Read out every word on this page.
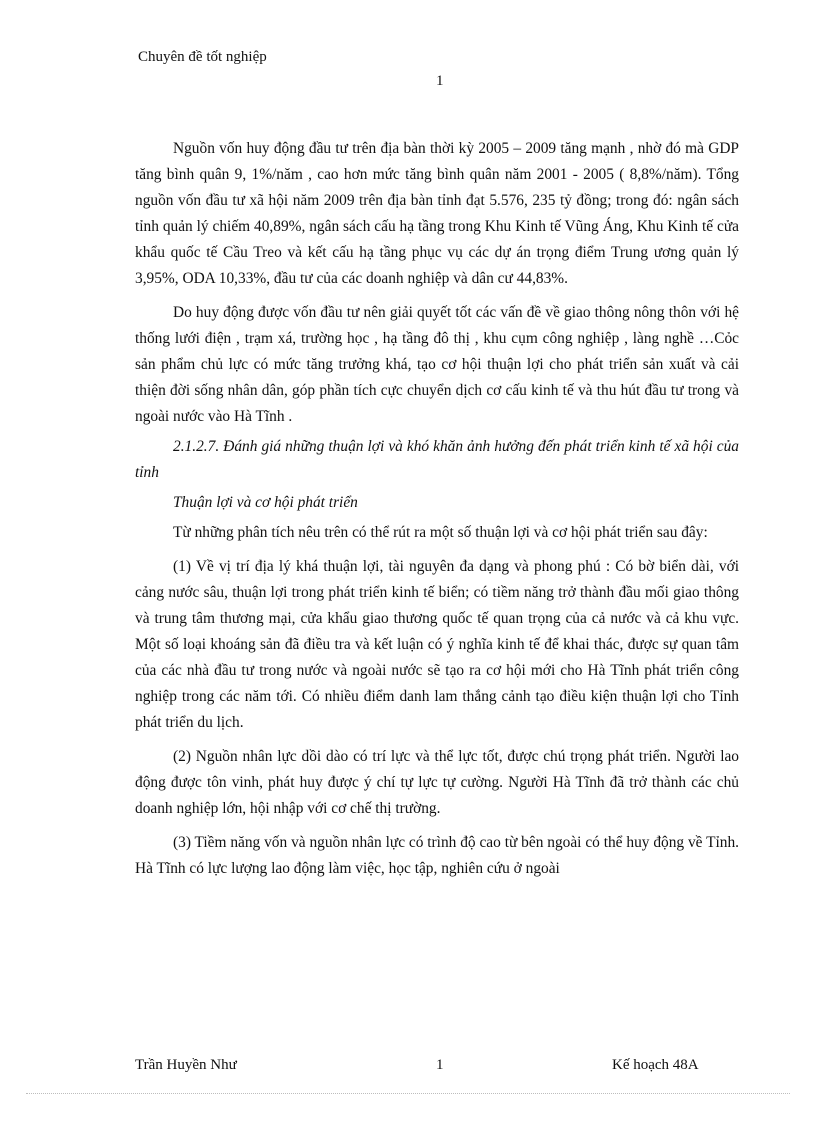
Chuyên đề tốt nghiệp
1

Nguồn vốn huy động đầu tư trên địa bàn thời kỳ 2005 – 2009 tăng mạnh , nhờ đó mà GDP tăng bình quân 9, 1%/năm , cao hơn mức tăng bình quân năm 2001 - 2005 ( 8,8%/năm). Tổng nguồn vốn đầu tư xã hội năm 2009 trên địa bàn tỉnh đạt 5.576, 235 tỷ đồng; trong đó: ngân sách tỉnh quản lý chiếm 40,89%, ngân sách cấu hạ tầng trong Khu Kinh tế Vũng Áng, Khu Kinh tế cửa khẩu quốc tế Cầu Treo và kết cấu hạ tầng phục vụ các dự án trọng điểm Trung ương quản lý 3,95%, ODA 10,33%, đầu tư của các doanh nghiệp và dân cư 44,83%.

Do huy động được vốn đầu tư nên giải quyết tốt các vấn đề về giao thông nông thôn với hệ thống lưới điện , trạm xá, trường học , hạ tầng đô thị , khu cụm công nghiệp , làng nghề …Cỏc sản phẩm chủ lực có mức tăng trưởng khá, tạo cơ hội thuận lợi cho phát triển sản xuất và cải thiện đời sống nhân dân, góp phần tích cực chuyển dịch cơ cấu kinh tế và thu hút đầu tư trong và ngoài nước vào Hà Tĩnh .

2.1.2.7. Đánh giá những thuận lợi và khó khăn ảnh hưởng đến phát triển kinh tế xã hội của tỉnh

Thuận lợi và cơ hội phát triển

Từ những phân tích nêu trên có thể rút ra một số thuận lợi và cơ hội phát triển sau đây:

(1) Về vị trí địa lý khá thuận lợi, tài nguyên đa dạng và phong phú : Có bờ biển dài, với cảng nước sâu, thuận lợi trong phát triển kinh tế biển; có tiềm năng trở thành đầu mối giao thông và trung tâm thương mại, cửa khẩu giao thương quốc tế quan trọng của cả nước và cả khu vực. Một số loại khoáng sản đã điều tra và kết luận có ý nghĩa kinh tế để khai thác, được sự quan tâm của các nhà đầu tư trong nước và ngoài nước sẽ tạo ra cơ hội mới cho Hà Tĩnh phát triển công nghiệp trong các năm tới. Có nhiều điểm danh lam thắng cảnh tạo điều kiện thuận lợi cho Tỉnh phát triển du lịch.

(2) Nguồn nhân lực dồi dào có trí lực và thể lực tốt, được chú trọng phát triển. Người lao động được tôn vinh, phát huy được ý chí tự lực tự cường. Người Hà Tĩnh đã trở thành các chủ doanh nghiệp lớn, hội nhập với cơ chế thị trường.

(3) Tiềm năng vốn và nguồn nhân lực có trình độ cao từ bên ngoài có thể huy động về Tỉnh. Hà Tĩnh có lực lượng lao động làm việc, học tập, nghiên cứu ở ngoài

Trần Huyền Như	1	Kế hoạch 48A
